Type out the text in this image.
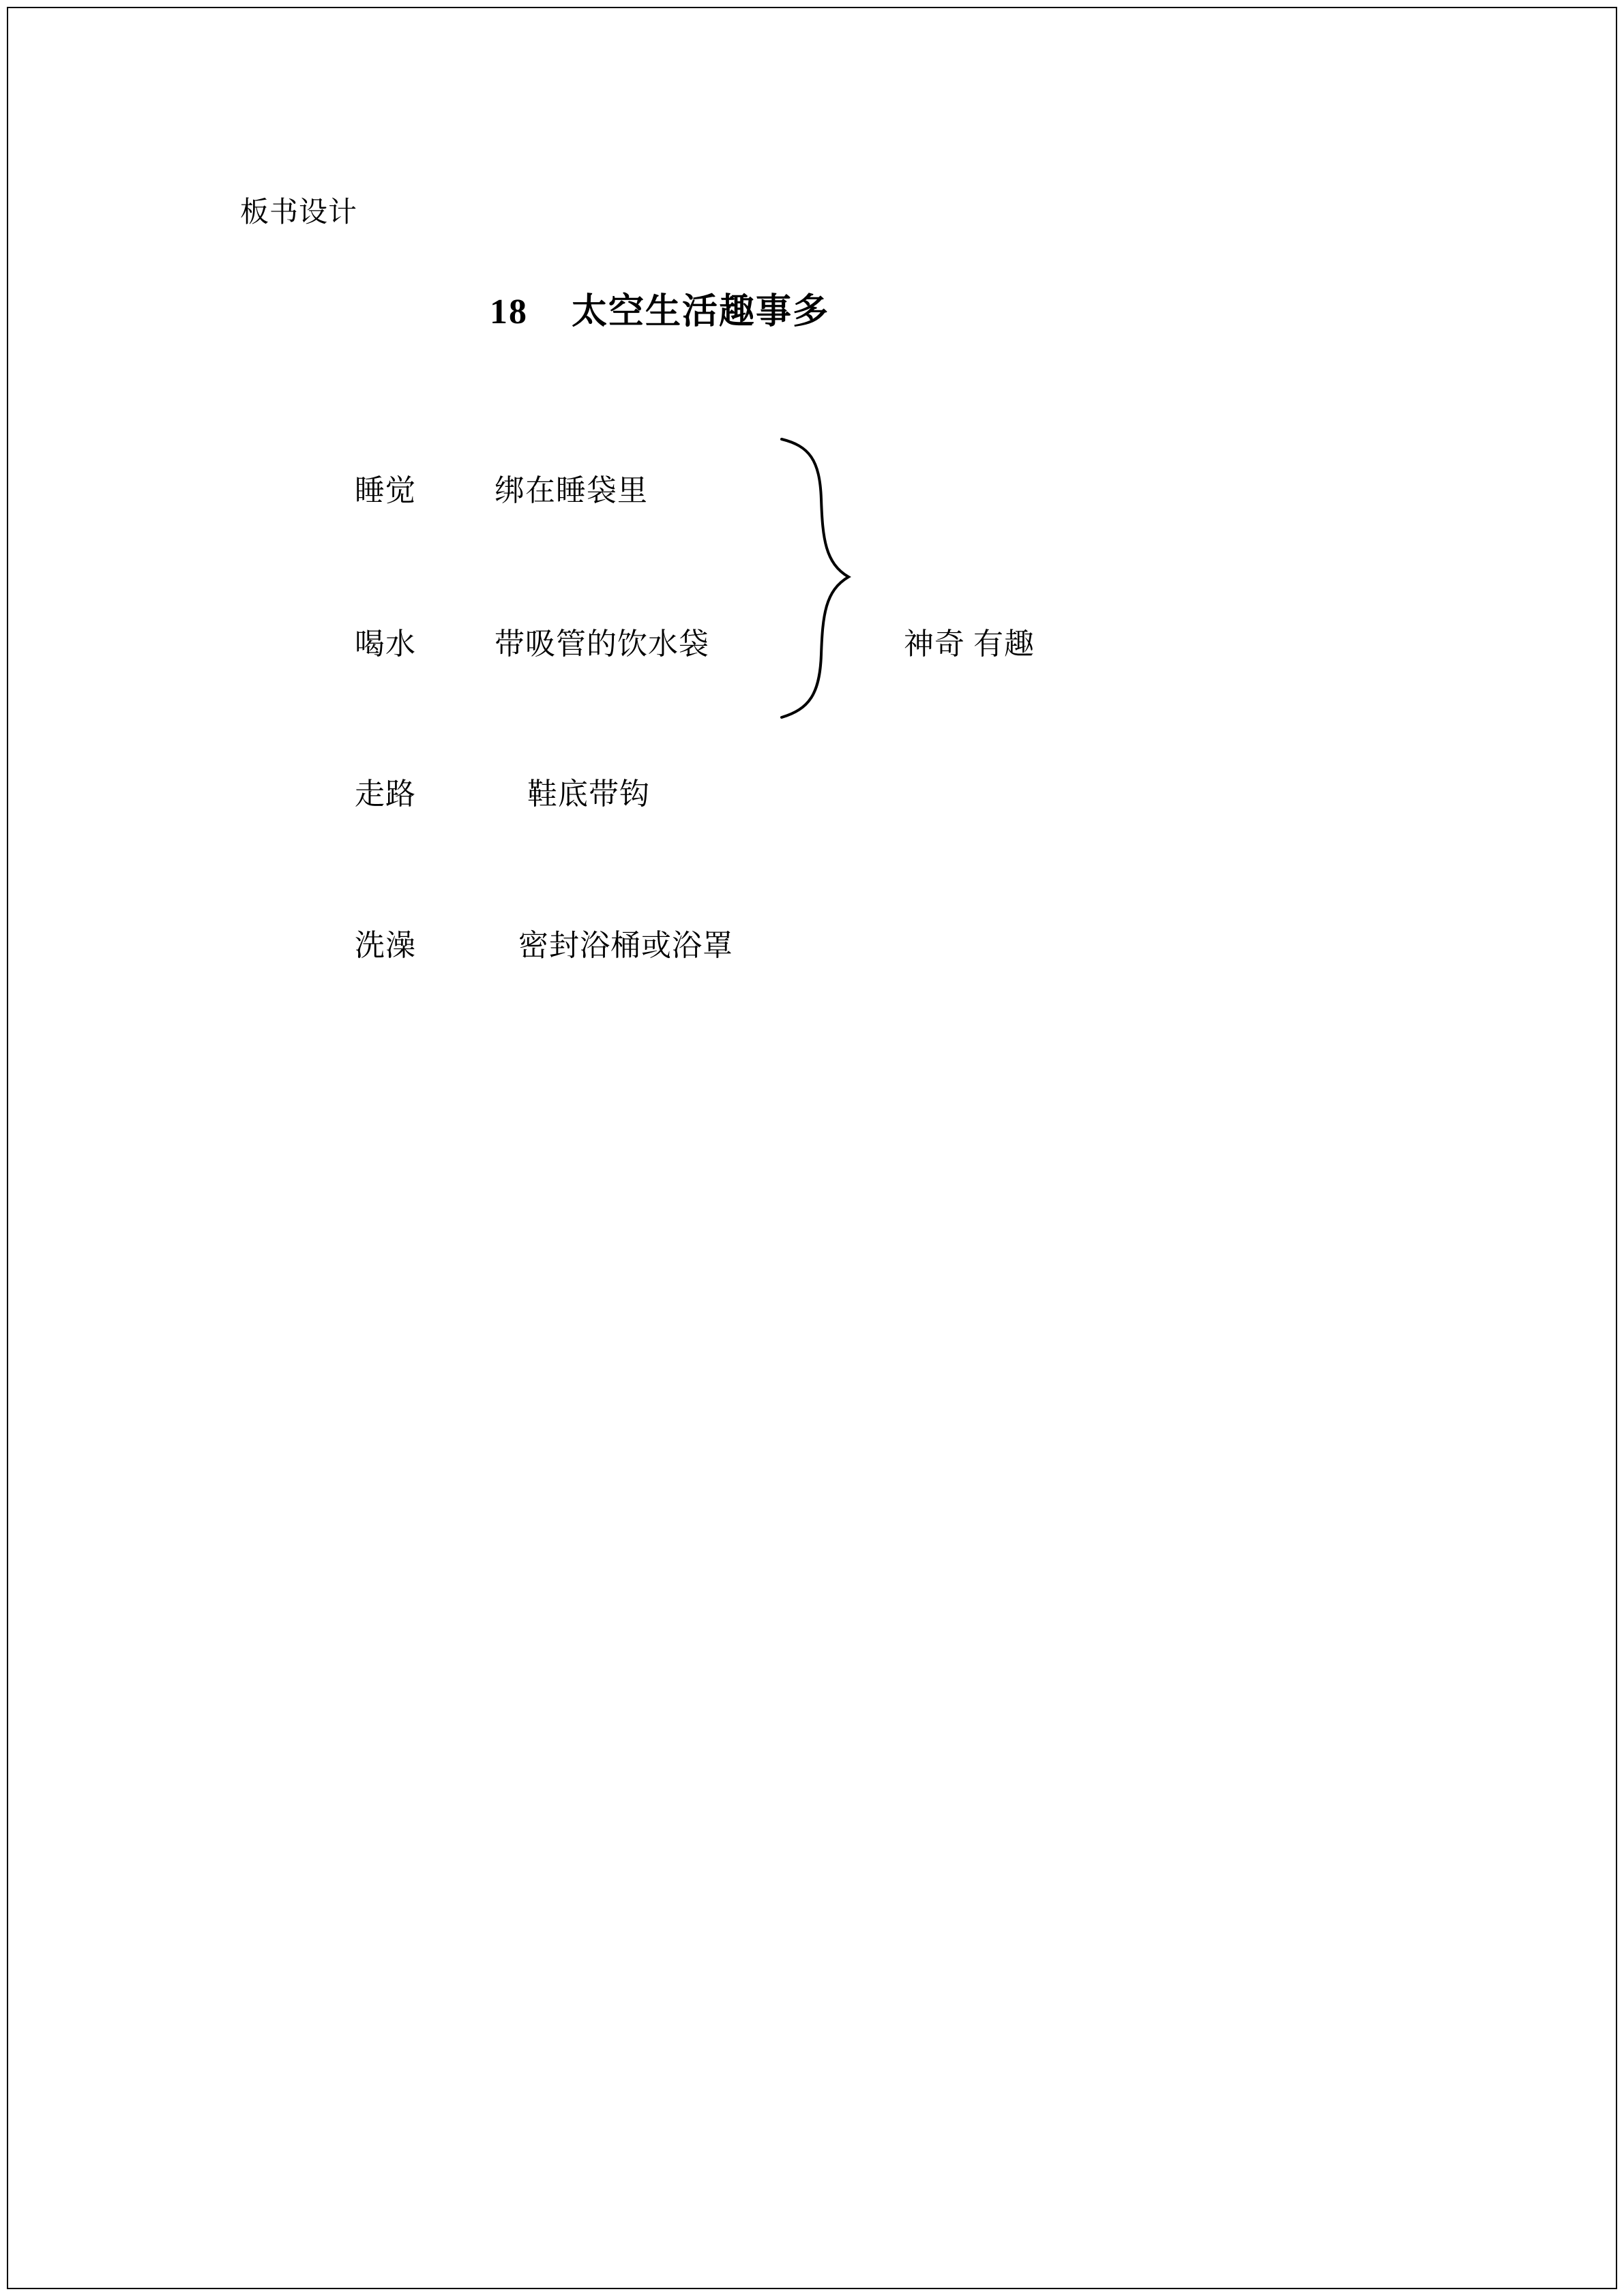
板书设计
18 太空生活趣事多
睡觉	绑在睡袋里
喝水	带吸管的饮水袋
走路	鞋底带钩
洗澡	密封浴桶或浴罩
神奇 有趣
